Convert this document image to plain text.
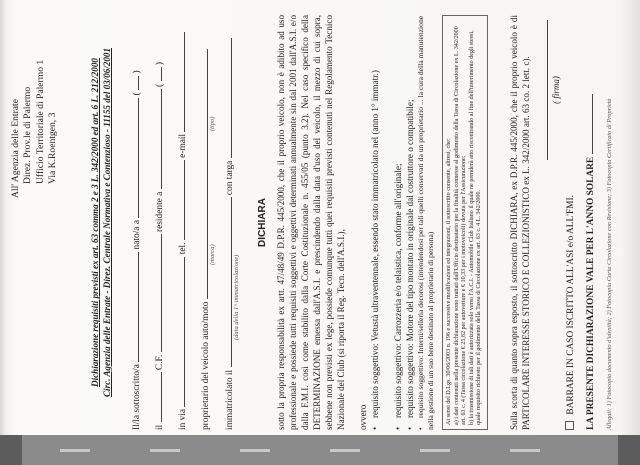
All' Agenzia delle Entrate Direz. Prov.le di Palermo Ufficio Territoriale di Palermo 1 Via K.Roentgen, 3	Dichiarazione requisiti previsti ex art. 63 comma 2 e 3 L. 342/2000 ed art. 6 L. 212/2000 Circ. Agenzia delle Entrate - Direz. Centrale Normativa e Contenzioso - 11155 del 03/06/2001
Il/la sottoscritto/a  nato/a a  (  )
il  C.F.  residente a  (  )
in via  tel.  e-mail
proprietario del veicolo auto/moto
(marca)  (tipo)
immatricolato il  con targa
(data della 1^ immatricolazione)
DICHIARA sotto la propria responsabilità ex artt. 47/48/49 D.P.R. 445/2000, che il proprio veicolo, non è adibito ad uso professionale e possiede tutti requisiti soggettivi e oggettivi determinati annualmente sin dal 2001 dall'A.S.I. e/o dalla F.M.I. così come stabilito dalla Corte Costituzionale n. 455/05 (punto 3.2). Nel caso specifico della DETERMINAZIONE emessa dall'A.S.I. e prescindendo dalla data d'uso del veicolo, il mezzo di cui sopra, sebbene non previsti ex lege, possiede comunque tutti quei requisiti previsti contenuti nel Regolamento Tecnico Nazionale del Club (si riporta il Reg. Tecn. dell'A.S.I.), ovvero •requisito soggettivo: Vetustà ultraventennale, essendo stato immatricolato nel (anno 1° immatr.)
•requisito soggettivo: Carrozzeria e/o telaistica, conforme all'originale;
•requisito soggettivo: Motore del tipo montato in originale dal costruttore o compatibile;
•requisito soggettivo: Interni/selleria decorosi (intendendosi per tali quelli conservati da un proprietario ... la cura della manutenzione nella gestione di un suo bene destinato al proprietario di persona) Ai sensi del D.Lgs. 30/06/2003 n. 196 e successive modificazioni ed integrazioni, il sottoscritto consente, altresì, che: a) i dati contenuti nella presente dichiarazione sono trattati dall'Ufficio destinatario per la finalità connesse al godimento della Tassa di Circolazione ex L. 342/2000 art. 63 c. 4 (Tassa circolazione € 25,82 per autovetture e € 10,33 per i motoveicoli) dovuta per l'Assicurazione; b) la trasmissione di tali dati è autorizzata solo verso l'A.C.I. - Automobile Club Italiano il quale ne prenderà atto riscontrando al fine dell'inserimento degli stessi, quale requisito richiesto per il godimento della Tassa di Circolazione ex art. 63 c. 4 L. 342/2000.	Sulla scorta di quanto sopra esposto, il sottoscritto DICHIARA, ex D.P.R. 445/2000, che il proprio veicolo è di PARTICOLARE INTERESSE STORICO E COLLEZIONISTICO ex L. 342/2000 art. 63 co. 2 lett. c). ( firma)
BARRARE IN CASO ISCRITTO ALL'ASI e/o ALL'FMI.	LA PRESENTE DICHIARAZIONE VALE PER L'ANNO SOLARE	Allegati: 1) Fotocopia documento d'identità; 2) Fotocopia Carta Circolazione con Revisione; 3) Fotocopia Certificato di Proprietà
